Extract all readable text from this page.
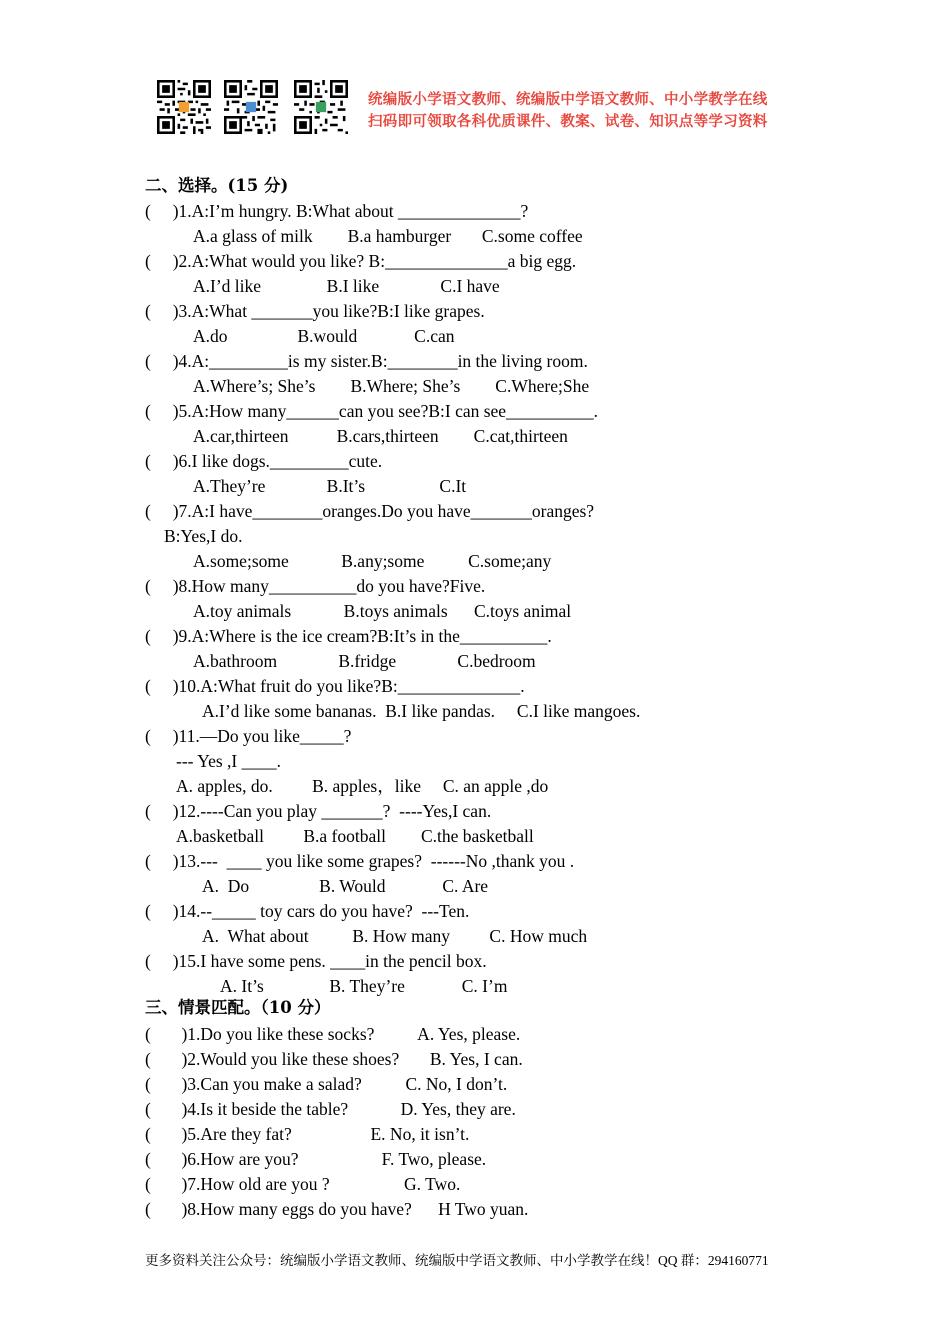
统编版小学语文教师、统编版中学语文教师、中小学教学在线
扫码即可领取各科优质课件、教案、试卷、知识点等学习资料
二、选择。(15 分)
(     )1.A:I’m hungry. B:What about ______________?
A.a glass of milk        B.a hamburger       C.some coffee
(     )2.A:What would you like? B:______________a big egg.
A.I’d like               B.I like              C.I have
(     )3.A:What _______you like?B:I like grapes.
A.do                B.would             C.can
(     )4.A:_________is my sister.B:________in the living room.
A.Where’s; She’s        B.Where; She’s        C.Where;She
(     )5.A:How many______can you see?B:I can see__________.
A.car,thirteen           B.cars,thirteen        C.cat,thirteen
(     )6.I like dogs._________cute.
A.They’re              B.It’s                 C.It
(     )7.A:I have________oranges.Do you have_______oranges?
B:Yes,I do.
A.some;some            B.any;some          C.some;any
(     )8.How many__________do you have?Five.
A.toy animals            B.toys animals      C.toys animal
(     )9.A:Where is the ice cream?B:It’s in the__________.
A.bathroom              B.fridge              C.bedroom
(     )10.A:What fruit do you like?B:______________.
A.I’d like some bananas.  B.I like pandas.     C.I like mangoes.
(     )11.—Do you like_____?
--- Yes ,I ____.
A. apples, do.         B. apples，like     C. an apple ,do
(     )12.----Can you play _______?  ----Yes,I can.
A.basketball         B.a football        C.the basketball
(     )13.---  ____ you like some grapes?  ------No ,thank you .
A.  Do                B. Would             C. Are
(     )14.--_____ toy cars do you have?  ---Ten.
A.  What about          B. How many         C. How much
(     )15.I have some pens. ____in the pencil box.
A. It’s               B. They’re             C. I’m
三、情景匹配。（10 分）
(       )1.Do you like these socks?          A. Yes, please.
(       )2.Would you like these shoes?       B. Yes, I can.
(       )3.Can you make a salad?          C. No, I don’t.
(       )4.Is it beside the table?            D. Yes, they are.
(       )5.Are they fat?                  E. No, it isn’t.
(       )6.How are you?                   F. Two, please.
(       )7.How old are you ?                 G. Two.
(       )8.How many eggs do you have?      H Two yuan.
更多资料关注公众号：统编版小学语文教师、统编版中学语文教师、中小学教学在线！QQ 群：294160771
